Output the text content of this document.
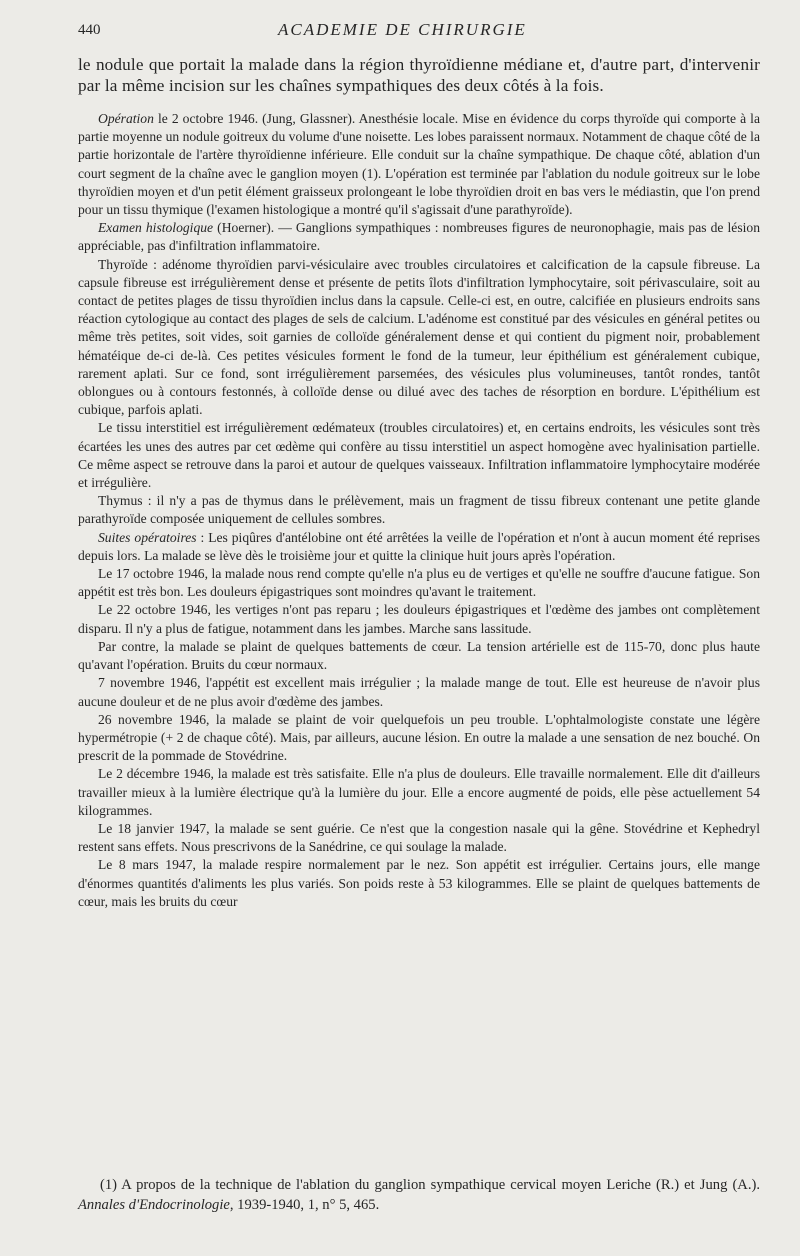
440	ACADEMIE DE CHIRURGIE
le nodule que portait la malade dans la région thyroïdienne médiane et, d'autre part, d'intervenir par la même incision sur les chaînes sympathiques des deux côtés à la fois.

Opération le 2 octobre 1946. (Jung, Glassner). Anesthésie locale. Mise en évidence du corps thyroïde qui comporte à la partie moyenne un nodule goitreux du volume d'une noisette. Les lobes paraissent normaux. Notamment de chaque côté de la partie horizontale de l'artère thyroïdienne inférieure. Elle conduit sur la chaîne sympathique. De chaque côté, ablation d'un court segment de la chaîne avec le ganglion moyen (1). L'opération est terminée par l'ablation du nodule goitreux sur le lobe thyroïdien moyen et d'un petit élément graisseux prolongeant le lobe thyroïdien droit en bas vers le médiastin, que l'on prend pour un tissu thymique (l'examen histologique a montré qu'il s'agissait d'une parathyroïde).

Examen histologique (Hoerner). — Ganglions sympathiques : nombreuses figures de neuronophagie, mais pas de lésion appréciable, pas d'infiltration inflammatoire.

Thyroïde : adénome thyroïdien parvi-vésiculaire avec troubles circulatoires et calcification de la capsule fibreuse. La capsule fibreuse est irrégulièrement dense et présente de petits îlots d'infiltration lymphocytaire, soit périvasculaire, soit au contact de petites plages de tissu thyroïdien inclus dans la capsule. Celle-ci est, en outre, calcifiée en plusieurs endroits sans réaction cytologique au contact des plages de sels de calcium. L'adénome est constitué par des vésicules en général petites ou même très petites, soit vides, soit garnies de colloïde généralement dense et qui contient du pigment noir, probablement hématéique de-ci de-là. Ces petites vésicules forment le fond de la tumeur, leur épithélium est généralement cubique, rarement aplati. Sur ce fond, sont irrégulièrement parsemées, des vésicules plus volumineuses, tantôt rondes, tantôt oblongues ou à contours festonnés, à colloïde dense ou dilué avec des taches de résorption en bordure. L'épithélium est cubique, parfois aplati.

Le tissu interstitiel est irrégulièrement œdémateux (troubles circulatoires) et, en certains endroits, les vésicules sont très écartées les unes des autres par cet œdème qui confère au tissu interstitiel un aspect homogène avec hyalinisation partielle. Ce même aspect se retrouve dans la paroi et autour de quelques vaisseaux. Infiltration inflammatoire lymphocytaire modérée et irrégulière.

Thymus : il n'y a pas de thymus dans le prélèvement, mais un fragment de tissu fibreux contenant une petite glande parathyroïde composée uniquement de cellules sombres.

Suites opératoires : Les piqûres d'antélobine ont été arrêtées la veille de l'opération et n'ont à aucun moment été reprises depuis lors. La malade se lève dès le troisième jour et quitte la clinique huit jours après l'opération.

Le 17 octobre 1946, la malade nous rend compte qu'elle n'a plus eu de vertiges et qu'elle ne souffre d'aucune fatigue. Son appétit est très bon. Les douleurs épigastriques sont moindres qu'avant le traitement.

Le 22 octobre 1946, les vertiges n'ont pas reparu ; les douleurs épigastriques et l'œdème des jambes ont complètement disparu. Il n'y a plus de fatigue, notamment dans les jambes. Marche sans lassitude.

Par contre, la malade se plaint de quelques battements de cœur. La tension artérielle est de 115-70, donc plus haute qu'avant l'opération. Bruits du cœur normaux.

7 novembre 1946, l'appétit est excellent mais irrégulier ; la malade mange de tout. Elle est heureuse de n'avoir plus aucune douleur et de ne plus avoir d'œdème des jambes.

26 novembre 1946, la malade se plaint de voir quelquefois un peu trouble. L'ophtalmologiste constate une légère hypermétropie (+ 2 de chaque côté). Mais, par ailleurs, aucune lésion. En outre la malade a une sensation de nez bouché. On prescrit de la pommade de Stovédrine.

Le 2 décembre 1946, la malade est très satisfaite. Elle n'a plus de douleurs. Elle travaille normalement. Elle dit d'ailleurs travailler mieux à la lumière électrique qu'à la lumière du jour. Elle a encore augmenté de poids, elle pèse actuellement 54 kilogrammes.

Le 18 janvier 1947, la malade se sent guérie. Ce n'est que la congestion nasale qui la gêne. Stovédrine et Kephedryl restent sans effets. Nous prescrivons de la Sanédrine, ce qui soulage la malade.

Le 8 mars 1947, la malade respire normalement par le nez. Son appétit est irrégulier. Certains jours, elle mange d'énormes quantités d'aliments les plus variés. Son poids reste à 53 kilogrammes. Elle se plaint de quelques battements de cœur, mais les bruits du cœur

(1) A propos de la technique de l'ablation du ganglion sympathique cervical moyen Leriche (R.) et Jung (A.). Annales d'Endocrinologie, 1939-1940, 1, n° 5, 465.
